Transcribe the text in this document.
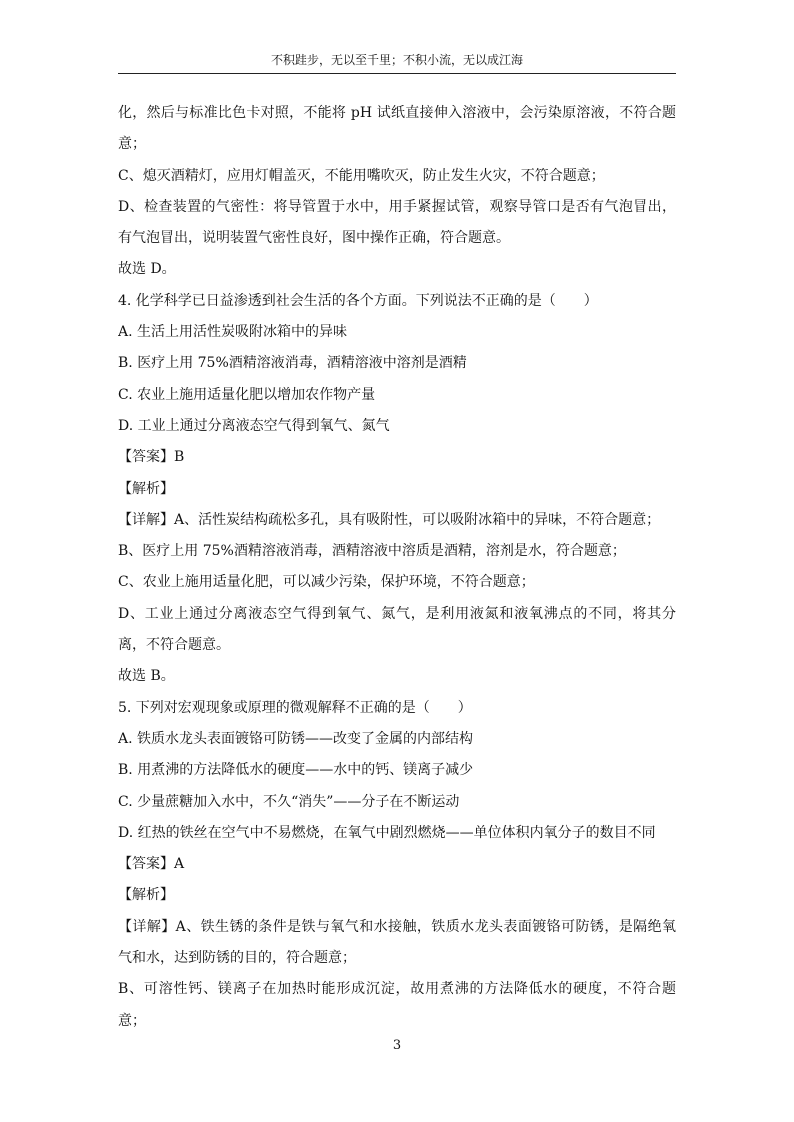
不积跬步，无以至千里；不积小流，无以成江海
化，然后与标准比色卡对照，不能将 pH 试纸直接伸入溶液中，会污染原溶液，不符合题
意；
C、熄灭酒精灯，应用灯帽盖灭，不能用嘴吹灭，防止发生火灾，不符合题意；
D、检查装置的气密性：将导管置于水中，用手紧握试管，观察导管口是否有气泡冒出，
有气泡冒出，说明装置气密性良好，图中操作正确，符合题意。
故选 D。
4. 化学科学已日益渗透到社会生活的各个方面。下列说法不正确的是（　　）
A. 生活上用活性炭吸附冰箱中的异味
B. 医疗上用 75%酒精溶液消毒，酒精溶液中溶剂是酒精
C. 农业上施用适量化肥以增加农作物产量
D. 工业上通过分离液态空气得到氧气、氮气
【答案】B
【解析】
【详解】A、活性炭结构疏松多孔，具有吸附性，可以吸附冰箱中的异味，不符合题意；
B、医疗上用 75%酒精溶液消毒，酒精溶液中溶质是酒精，溶剂是水，符合题意；
C、农业上施用适量化肥，可以减少污染，保护环境，不符合题意；
D、工业上通过分离液态空气得到氧气、氮气，是利用液氮和液氧沸点的不同，将其分
离，不符合题意。
故选 B。
5. 下列对宏观现象或原理的微观解释不正确的是（　　）
A. 铁质水龙头表面镀铬可防锈——改变了金属的内部结构
B. 用煮沸的方法降低水的硬度——水中的钙、镁离子减少
C. 少量蔗糖加入水中，不久“消失”——分子在不断运动
D. 红热的铁丝在空气中不易燃烧，在氧气中剧烈燃烧——单位体积内氧分子的数目不同
【答案】A
【解析】
【详解】A、铁生锈的条件是铁与氧气和水接触，铁质水龙头表面镀铬可防锈，是隔绝氧
气和水，达到防锈的目的，符合题意；
B、可溶性钙、镁离子在加热时能形成沉淀，故用煮沸的方法降低水的硬度，不符合题
意；
3
